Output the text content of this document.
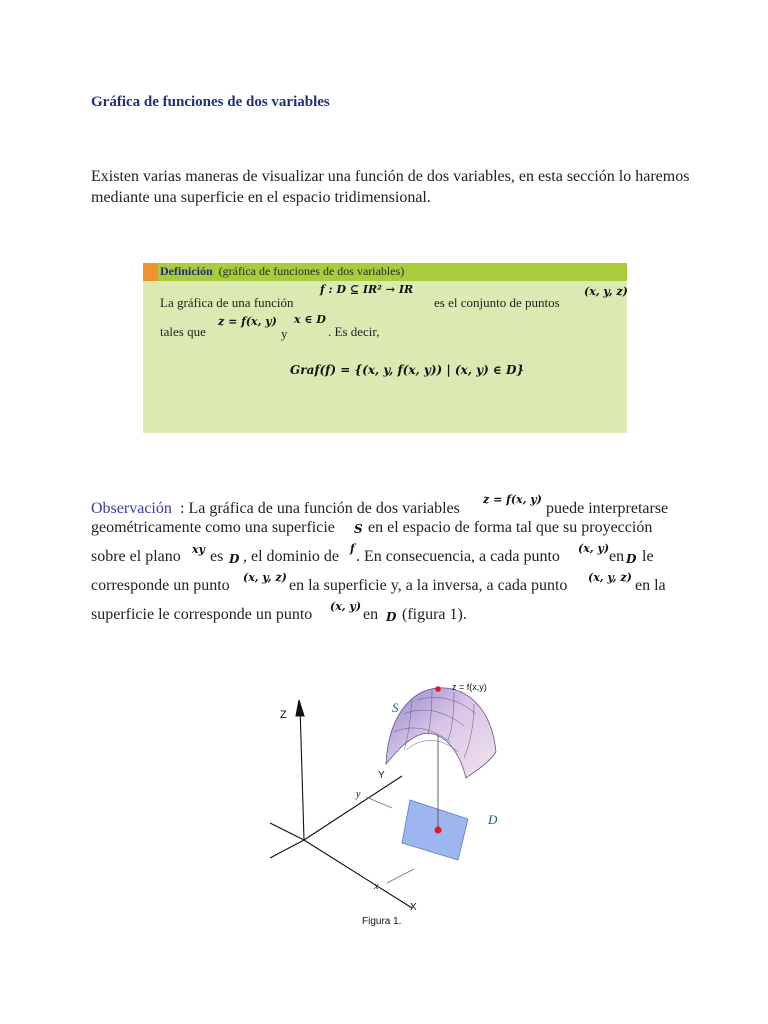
Gráfica de funciones de dos variables
Existen varias maneras de visualizar una función de dos variables, en esta sección lo haremos mediante una superficie en el espacio tridimensional.
Definición (gráfica de funciones de dos variables)
La gráfica de una función
f : D ⊆ IR² → IR
es el conjunto de puntos
(x, y, z)
tales que
z = f(x, y)
y
x ∈ D
. Es decir,
Graf(f) = {(x, y, f(x, y)) | (x, y) ∈ D}
Observación : La gráfica de una función de dos variables
z = f(x, y)
puede interpretarse
geométricamente como una superficie S en el espacio de forma tal que su proyección
sobre el plano xy es D , el dominio de f . En consecuencia, a cada punto (x, y) en D le
corresponde un punto (x, y, z) en la superficie y, a la inversa, a cada punto (x, y, z) en la
superficie le corresponde un punto (x, y) en D (figura 1).
Z
Y
X
y
x
S
D
z = f(x,y)
Figura 1.
